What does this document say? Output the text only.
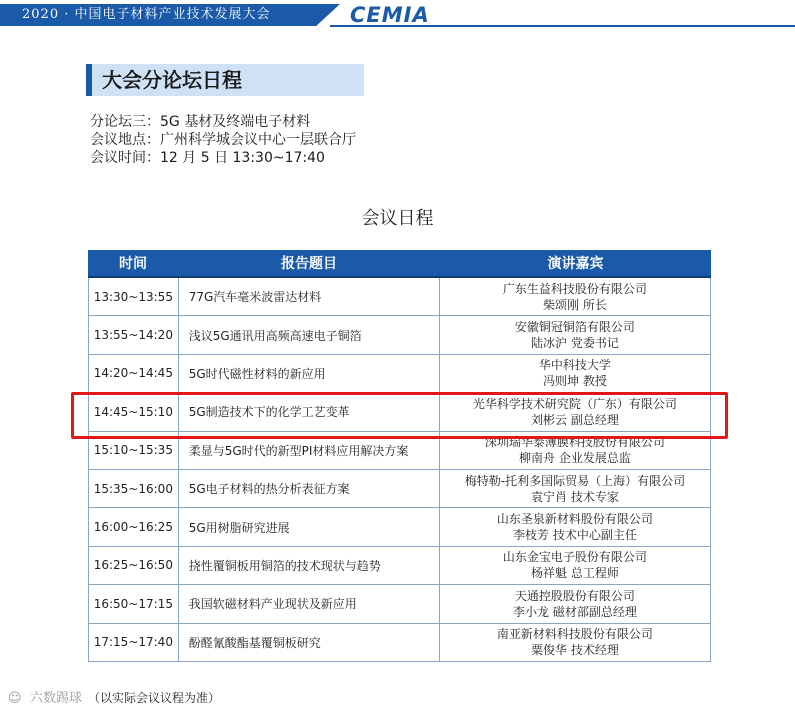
2020 · 中国电子材料产业技术发展大会	CEMIA
大会分论坛日程
分论坛三：5G 基材及终端电子材料
会议地点：广州科学城会议中心一层联合厅
会议时间：12 月 5 日 13:30~17:40
会议日程
时间	报告题目	演讲嘉宾
13:30~13:55	77G汽车毫米波雷达材料
广东生益科技股份有限公司
柴颂刚 所长
13:55~14:20	浅议5G通讯用高频高速电子铜箔
安徽铜冠铜箔有限公司
陆冰沪 党委书记
14:20~14:45	5G时代磁性材料的新应用
华中科技大学
冯则坤 教授
14:45~15:10	5G制造技术下的化学工艺变革
光华科学技术研究院（广东）有限公司
刘彬云 副总经理
15:10~15:35	柔显与5G时代的新型PI材料应用解决方案
深圳瑞华泰薄膜科技股份有限公司
柳南舟 企业发展总监
15:35~16:00	5G电子材料的热分析表征方案
梅特勒-托利多国际贸易（上海）有限公司
袁宁肖 技术专家
16:00~16:25	5G用树脂研究进展
山东圣泉新材料股份有限公司
李枝芳 技术中心副主任
16:25~16:50	挠性覆铜板用铜箔的技术现状与趋势
山东金宝电子股份有限公司
杨祥魁 总工程师
16:50~17:15	我国软磁材料产业现状及新应用
天通控股股份有限公司
李小龙 磁材部副总经理
17:15~17:40	酚醛氰酸酯基覆铜板研究
南亚新材料科技股份有限公司
粟俊华 技术经理
（以实际会议议程为准）
☺ 六数踢球
